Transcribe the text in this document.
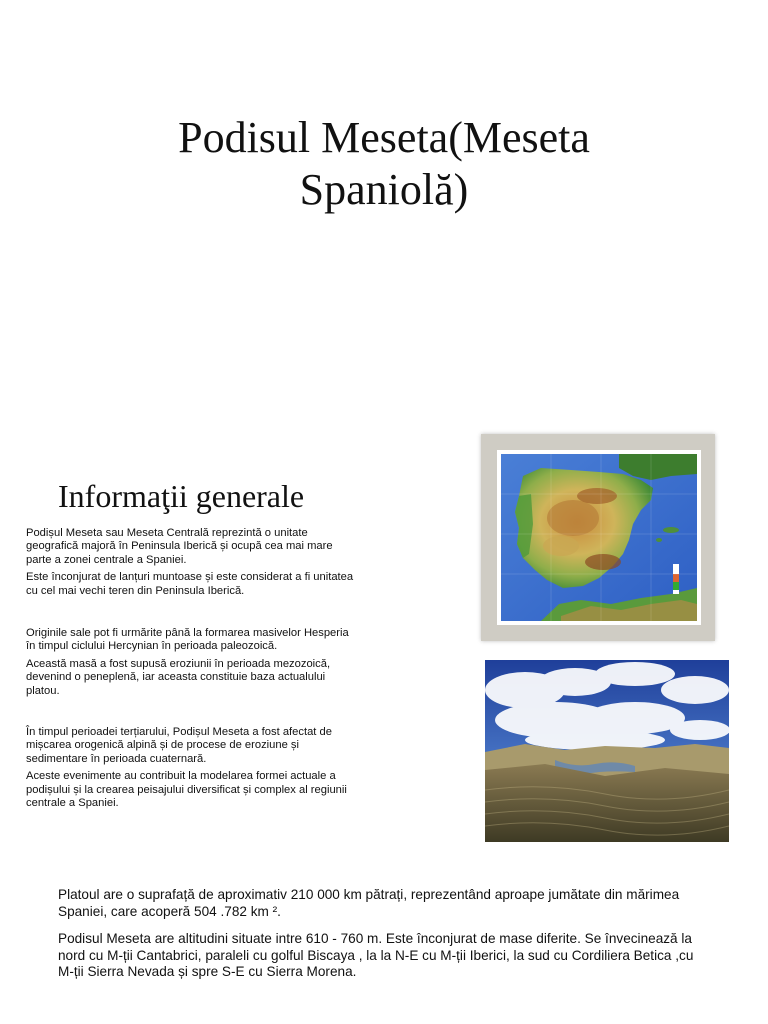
Podisul Meseta(Meseta
Spaniolă)
Informaţii generale

Podișul Meseta sau Meseta Centrală reprezintă o unitate geografică majoră în Peninsula Iberică și ocupă cea mai mare parte a zonei centrale a Spaniei.

Este înconjurat de lanțuri muntoase și este considerat a fi unitatea cu cel mai vechi teren din Peninsula Iberică.

Originile sale pot fi urmărite până la formarea masivelor Hesperia în timpul ciclului Hercynian în perioada paleozoică.

Această masă a fost supusă eroziunii în perioada mezozoică, devenind o peneplenă, iar aceasta constituie baza actualului platou.

În timpul perioadei terțiarului, Podișul Meseta a fost afectat de mișcarea orogenică alpină și de procese de eroziune și sedimentare în perioada cuaternară.

Aceste evenimente au contribuit la modelarea formei actuale a podișului și la crearea peisajului diversificat și complex al regiunii centrale a Spaniei.

Platoul are o suprafață de aproximativ 210 000 km pătrați, reprezentând aproape jumătate din mărimea Spaniei, care acoperă 504 .782 km ².
Podisul Meseta are altitudini situate intre 610 - 760 m. Este înconjurat de mase diferite. Se învecinează la nord cu M-ții Cantabrici, paraleli cu golful Biscaya , la la N-E cu M-ții Iberici, la sud cu Cordiliera Betica ,cu M-ții Sierra Nevada și spre S-E cu Sierra Morena.
